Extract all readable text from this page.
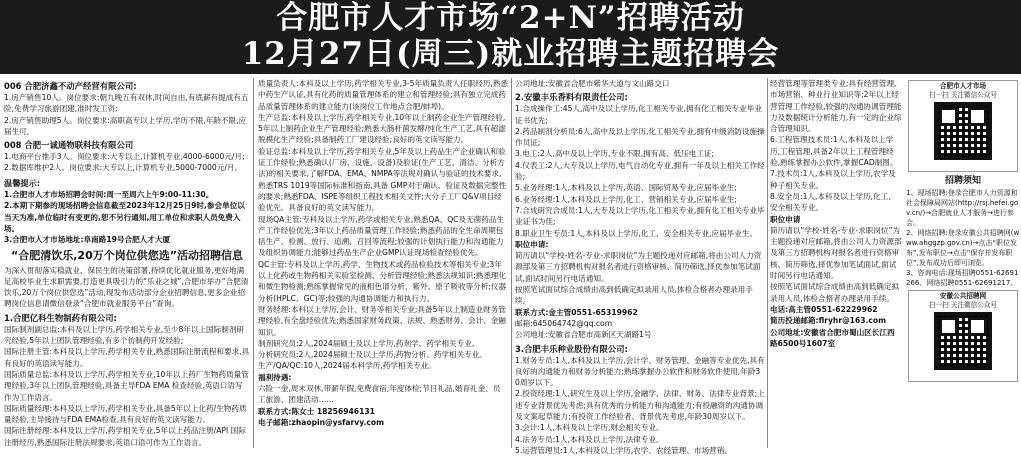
合肥市人才市场“2+N”招聘活动
12月27日(周三)就业招聘主题招聘会
006 合肥济鑫不动产经营有限公司:
1.房产销售10人。岗位要求:朝九晚五有双休,时间自由,有底薪有提成有五险,免费学习旅游团建,准时发工资;
2.房产销售助理5人。岗位要求:高职高专以上学历,学历不限,年龄不限,应届生可。
008 合肥一诚通物联科技有限公司
1.电商平台推手3人。岗位要求:大专以上,计算机专业,4000-6000元/月;
2.数据库维护2人。岗位要求:大专以上,计算机专业,5000-7000元/月。
温馨提示:
1.合肥市人才市场招聘会时间:周一至周六上午9:00-11:30。
2.本期下期参的现场招聘会信息截至2023年12月25日9时,参会单位以当天为准,单位临时有变更的,恕不另行通知,用工单位和求职人员免费入场。
3.合肥市人才市场地址:阜南路19号合肥人才大厦
“合肥清饮乐,20万个岗位供您选”活动招聘信息
为深入贯彻落实稳就业、保民生的决策部署,持续优化就业服务,更好地满足高校毕业生求职需要,打造更具吸引力的“乐业之城”,合肥市举办“合肥清饮乐,20万个岗位供您选”活动,现发布活动部分企业招聘信息,更多企业招聘岗位信息请微信登录“合肥市就业服务平台”查询。
1.合肥亿科生物制药有限公司:
国际制剂副总监:本科及以上学历,药学相关专业,至少8年以上国际制剂研究经验,5年以上团队管理经验,有多个仿制药开发经验;
国际注册主管:本科及以上学历,药学相关专业,熟悉国际注册流程和要求,具有良好的英语读写能力。
国际质量总监:本科及以上学历,药学相关专业,10年以上药厂生物药质量管理经验,3年以上团队管理经验,具备主导FDA EMA 检查经验,英语口语写作为工作语言。
国际质量经理:本科及以上学历,药学相关专业,具备5年以上化药/生物药质量经验,主导接待与FDA EMA检查,具有良好的英文读写能力。
国际注册经理:本科及以上学历,药学相关专业,5年以上药品注册/API 国际注册经历,熟悉国际注册法规要求,英语口语可作为工作语言。
质量负责人:本科及以上学历,药学相关专业,3-5年质量负责人任职经历,熟悉中药生产认证,具有化药的质量管理体系的建立和管理经验;具有独立完成药品质量管理体系的建立能力(该岗位工作地点合肥/蚌埠)。
生产总监:本科及以上学历,药学相关专业,10年以上制药企业生产管理经验,5年以上制药企业生产管理经验;熟悉大肠杆菌发酵/纯化生产工艺,具有超滤脱模化生产经验;具备制药工厂建设经验;良好的英文读写能力。
验证总监:本科及以上学历,药学相关专业,5年及以上药品生产企业确认和验证工作经验;熟悉确认(厂房、设施、设备)及验证(生产工艺、清洁、分析方法)的相关要求,了解FDA、EMA、NMPA等法规对确认与验证的技术要求,熟悉TRS 1019等国际标准和指南,具备 GMP对于确认、验证及数据完整性的要求;熟悉FDA、ISPE等组织工程技术相关文件;大分子工厂Q&V项目经验优先。具备良好的英文读写能力。
现场QA主管:专科及以上学历,药学或相关专业,熟悉QA、QC及无菌药品生产工作经验优先;3年以上药品质量管理工作经验;熟悉药品的全生命周期包括生产、检测、放行、追溯、召回等流程;较强的计划执行能力和沟通能力及组织协调能力;能够过药品生产企业GMP认证现场检查经验优先。
QC主管:专科及以上学历,药学、生物技术或药品检验技术等相关专业;3年以上化药或生物药相关实验室检测、分析管理经验;熟悉法规知识;熟悉理化和微生物检测;熟练掌握常见的液相色谱分析、紫外、原子吸收等分析;仪器分析(HPLC、GC)等;较强的沟通协调能力和执行力。
财务经理:本科以上学历,会计、财务等相关专业;具备5年以上制造业财务管理经验,有全盘经验优先;熟悉国家财务政策、法规、熟悉财务、会计、金融知识。
制剂研究员:2人,2024届硕士及以上学历,药剂学、药学相关专业。
分析研究员:2人,2024届硕士及以上学历,药物分析、药学相关专业。
生产/QA/QC:10人,2024届本科学历,药学相关专业。
福利待遇:
六险一金,周末双休,带薪年假,免费食宿,年度体检;节日礼品,婚育礼金、员工旅游、团建活动……
联系方式:陈女士 18256946131
电子邮箱:zhaopin@ysfarvy.com
公司地址:安徽省合肥市紫华大道与文山路交口
2.安徽丰乐香料有限责任公司:
1.合成操作工:45人,高中及以上学历,化工相关专业,拥有化工相关专业毕业证书优先;
2.药品制剂分析员:6人,高中及以上学历,化工相关专业,拥有中级消防设施操作员证;
3.电工:2人,高中及以上学历,专业不限,拥有高、低压电工证;
4.仪表工:2人,大专及以上学历,电气自动化专业,拥有一年及以上相关工作经验;
5.业务经理:1人,本科及以上学历,英语、国际贸易专业,应届毕业生;
6.业务经理:1人,本科及以上学历,化工、营销相关专业,应届毕业生;
7.合成研究合成员:1人,大专及以上学历,化工相关专业,拥有化工相关专业毕业证书为佳;
8.职业卫生专员:1人,本科及以上学历,化工、安全相关专业,应届毕业生。
职位申请:
简历请以“学校-姓名-专业-求职岗位”为主题投递对应邮箱,将由公司人力资源部及第三方招聘机构对报名者进行资格审核、简历筛选,择优参加笔试面试,面试时间另行电话通知。
按照笔试面试综合成绩由高到低确定拟录用人员,体检合格者办理录用手续。
联系方式:金主管0551-65319962
邮箱:645064742@qq.com
公司地址:安徽省合肥市高新区天湖路1号
3.合肥丰乐种业股份有限公司:
1.财务专员:1人,本科及以上学历,会计学、财务管理、金融等专业优先,具有良好的沟通能力和财务分析能力;熟练掌握办公软件和财务软件使用,年龄30周岁以下。
2.投资经理:1人,研究生及以上学历,金融学、法律、财务、法律专业背景;上述专业背景优先考虑;具有优秀的分析能力和沟通能力;有投融资的沟通协调及文案起草能力;有投资工作经验者、背景优先考虑,年龄30周岁以下。
3.会计:1人,本科及以上学历,财会相关专业。
4.法务专员:1人,本科及以上学历,法律专业。
5.运营管理员:1人,本科及以上学历,农学、农经管理、市场营销、
经营管理等管理类专业;具有经营管理、市场营销、种业行业知识等;2年以上经营管理工作经验,较强的沟通协调管理能力及数据统计分析能力,有一定的企业综合管理知识。
6.工程管理技术员:1人,本科及以上学历,工程管理,具备2年以上工程管理经验,熟练掌握办公软件,掌握CAD制图。
7.技术员:1人,本科及以上学历,农学及种子相关专业。
8.安全员:1人,本科及以上学历,化工、安全相关专业。
职位申请
简历请以“学校-姓名-专业-求职岗位”为主题投递对应邮箱,将由公司人力资源部及第三方招聘机构对报名者进行资格审核、简历筛选,择优参加笔试面试,面试时间另行电话通知。
按照笔试面试综合成绩由高到低确定拟录用人员,体检合格者办理录用手续。
电话:高主管0551-62229962
简历投递邮箱:flryhr@163.com
公司地址:安徽省合肥市蜀山区长江西路6500号1607室
合肥市人才市场
扫一扫 关注微信公众号
招聘须知
1、现场招聘:登录合肥市人力资源和社会保障局网站(http://rsj.hefei.gov.cn/)→合肥就业人才服务→进行参会。
2、网络招聘:登录安徽公共招聘网(www.ahggzp.gov.cn)→点击“职位发布”,发布职位→点击“保存并发布职位”,发布成功后即可浏览。
3、咨询电话:现场招聘0551-62691266、网络招聘0551-62691217。
安徽公共招聘网
扫一扫 关注微信公众号
